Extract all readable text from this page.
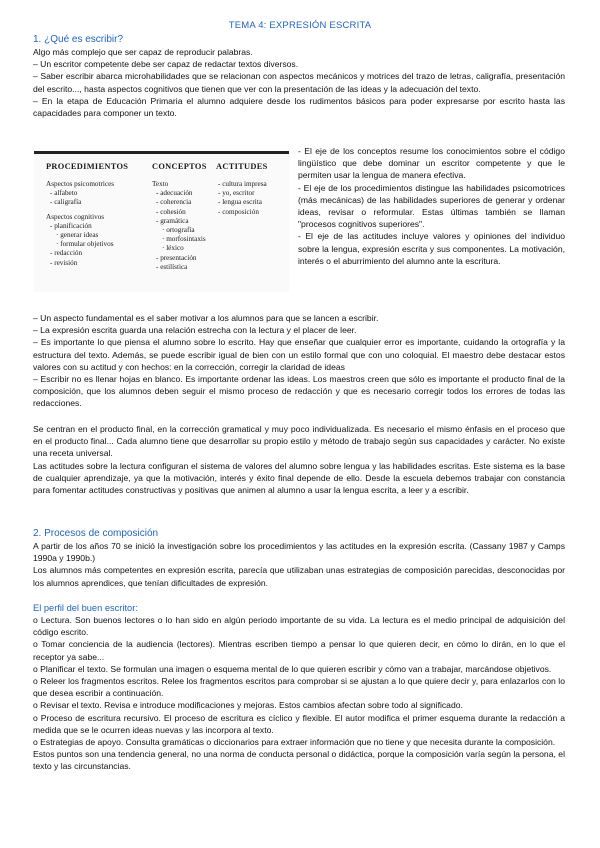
TEMA 4: EXPRESIÓN ESCRITA
1. ¿Qué es escribir?

Algo más complejo que ser capaz de reproducir palabras.

– Un escritor competente debe ser capaz de redactar textos diversos.

– Saber escribir abarca microhabilidades que se relacionan con aspectos mecánicos y motrices del trazo de letras, caligrafía, presentación del escrito..., hasta aspectos cognitivos que tienen que ver con la presentación de las ideas y la adecuación del texto.

– En la etapa de Educación Primaria el alumno adquiere desde los rudimentos básicos para poder expresarse por escrito hasta las capacidades para componer un texto.

PROCEDIMIENTOS	CONCEPTOS ACTITUDES
Aspectos psicomotrices
- alfabeto
- caligrafía
Aspectos cognitivos
- planificación
· generar ideas
· formular objetivos
- redacción
- revisión
Texto
- adecuación
- coherencia
- cohesión
- gramática
· ortografía
· morfosintaxis
· léxico
- presentación
- estilística
- cultura impresa
- yo, escritor
- lengua escrita
- composición

- El eje de los conceptos resume los conocimientos sobre el código lingüístico que debe dominar un escritor competente y que le permiten usar la lengua de manera efectiva.

- El eje de los procedimientos distingue las habilidades psicomotrices (más mecánicas) de las habilidades superiores de generar y ordenar ideas, revisar o reformular. Estas últimas también se llaman "procesos cognitivos superiores".

- El eje de las actitudes incluye valores y opiniones del individuo sobre la lengua, expresión escrita y sus componentes. La motivación, interés o el aburrimiento del alumno ante la escritura.

– Un aspecto fundamental es el saber motivar a los alumnos para que se lancen a escribir.

– La expresión escrita guarda una relación estrecha con la lectura y el placer de leer.

– Es importante lo que piensa el alumno sobre lo escrito. Hay que enseñar que cualquier error es importante, cuidando la ortografía y la estructura del texto. Además, se puede escribir igual de bien con un estilo formal que con uno coloquial. El maestro debe destacar estos valores con su actitud y con hechos: en la corrección, corregir la claridad de ideas

– Escribir no es llenar hojas en blanco. Es importante ordenar las ideas. Los maestros creen que sólo es importante el producto final de la composición, que los alumnos deben seguir el mismo proceso de redacción y que es necesario corregir todos los errores de todas las redacciones.

Se centran en el producto final, en la corrección gramatical y muy poco individualizada. Es necesario el mismo énfasis en el proceso que en el producto final... Cada alumno tiene que desarrollar su propio estilo y método de trabajo según sus capacidades y carácter. No existe una receta universal.

Las actitudes sobre la lectura configuran el sistema de valores del alumno sobre lengua y las habilidades escritas. Este sistema es la base de cualquier aprendizaje, ya que la motivación, interés y éxito final depende de ello. Desde la escuela debemos trabajar con constancia para fomentar actitudes constructivas y positivas que animen al alumno a usar la lengua escrita, a leer y a escribir.

2. Procesos de composición

A partir de los años 70 se inició la investigación sobre los procedimientos y las actitudes en la expresión escrita. (Cassany 1987 y Camps 1990a y 1990b.)

Los alumnos más competentes en expresión escrita, parecía que utilizaban unas estrategias de composición parecidas, desconocidas por los alumnos aprendices, que tenían dificultades de expresión.

El perfil del buen escritor:

o Lectura. Son buenos lectores o lo han sido en algún periodo importante de su vida. La lectura es el medio principal de adquisición del código escrito.

o Tomar conciencia de la audiencia (lectores). Mientras escriben tiempo a pensar lo que quieren decir, en cómo lo dirán, en lo que el receptor ya sabe...

o Planificar el texto. Se formulan una imagen o esquema mental de lo que quieren escribir y cómo van a trabajar, marcándose objetivos.

o Releer los fragmentos escritos. Relee los fragmentos escritos para comprobar si se ajustan a lo que quiere decir y, para enlazarlos con lo que desea escribir a continuación.

o Revisar el texto. Revisa e introduce modificaciones y mejoras. Estos cambios afectan sobre todo al significado.

o Proceso de escritura recursivo. El proceso de escritura es cíclico y flexible. El autor modifica el primer esquema durante la redacción a medida que se le ocurren ideas nuevas y las incorpora al texto.

o Estrategias de apoyo. Consulta gramáticas o diccionarios para extraer información que no tiene y que necesita durante la composición.

Estos puntos son una tendencia general, no una norma de conducta personal o didáctica, porque la composición varía según la persona, el texto y las circunstancias.
